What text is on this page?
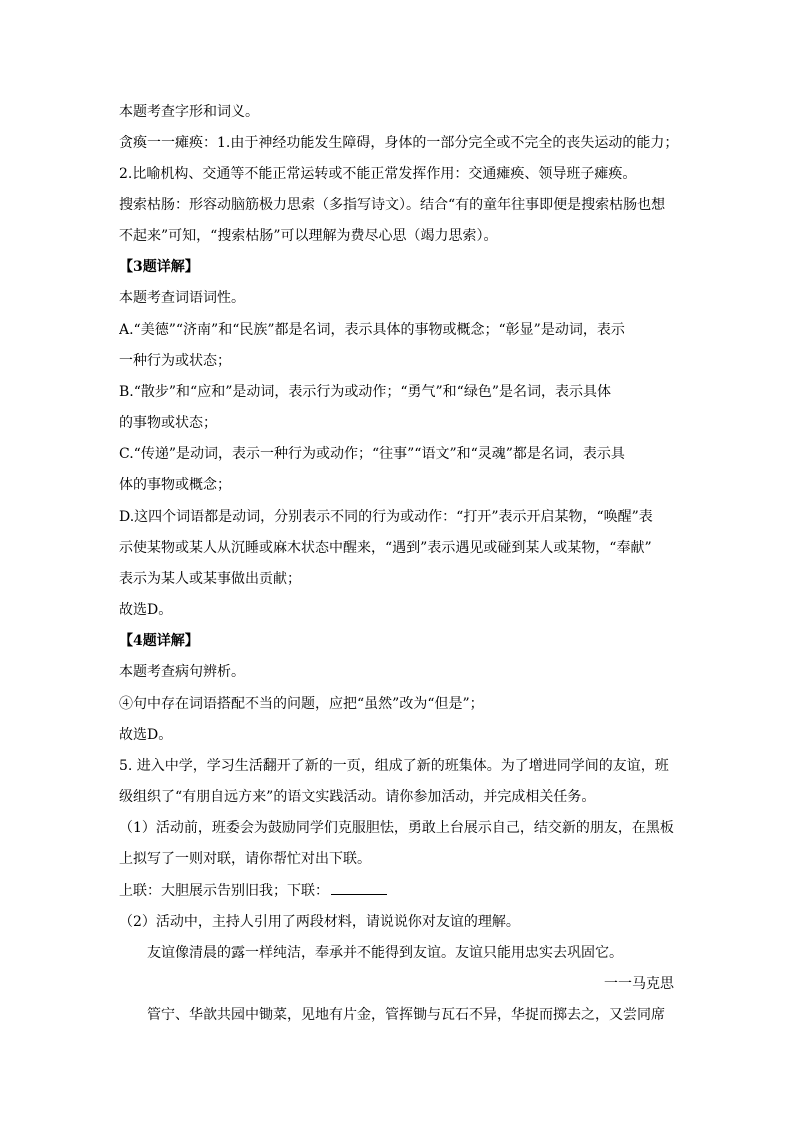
本题考查字形和词义。
贪瘓一一瘫痪：1.由于神经功能发生障碍，身体的一部分完全或不完全的丧失运动的能力；
2.比喻机构、交通等不能正常运转或不能正常发挥作用：交通瘫痪、领导班子瘫痪。
搜索枯肠：形容动脑筋极力思索（多指写诗文）。结合“有的童年往事即便是搜索枯肠也想
不起来”可知，“搜索枯肠”可以理解为费尽心思（竭力思索）。
【3题详解】
本题考查词语词性。
A.“美德”“济南”和“民族”都是名词，表示具体的事物或概念；“彰显”是动词，表示
一种行为或状态；
B.“散步”和“应和”是动词，表示行为或动作；“勇气”和“绿色”是名词，表示具体
的事物或状态；
C.“传递”是动词，表示一种行为或动作；“往事”“语文”和“灵魂”都是名词，表示具
体的事物或概念；
D.这四个词语都是动词，分别表示不同的行为或动作：“打开”表示开启某物，“唤醒”表
示使某物或某人从沉睡或麻木状态中醒来，“遇到”表示遇见或碰到某人或某物，“奉献”
表示为某人或某事做出贡献；
故选D。
【4题详解】
本题考查病句辨析。
④句中存在词语搭配不当的问题，应把“虽然”改为“但是”；
故选D。
5. 进入中学，学习生活翻开了新的一页，组成了新的班集体。为了增进同学间的友谊，班
级组织了“有朋自远方来”的语文实践活动。请你参加活动，并完成相关任务。
（1）活动前，班委会为鼓励同学们克服胆怯，勇敢上台展示自己，结交新的朋友，在黑板
上拟写了一则对联，请你帮忙对出下联。
上联：大胆展示告别旧我；下联：
（2）活动中，主持人引用了两段材料，请说说你对友谊的理解。
友谊像清晨的露一样纯洁，奉承并不能得到友谊。友谊只能用忠实去巩固它。
一一马克思
管宁、华歆共园中锄菜，见地有片金，管挥锄与瓦石不异，华捉而掷去之，又尝同席
